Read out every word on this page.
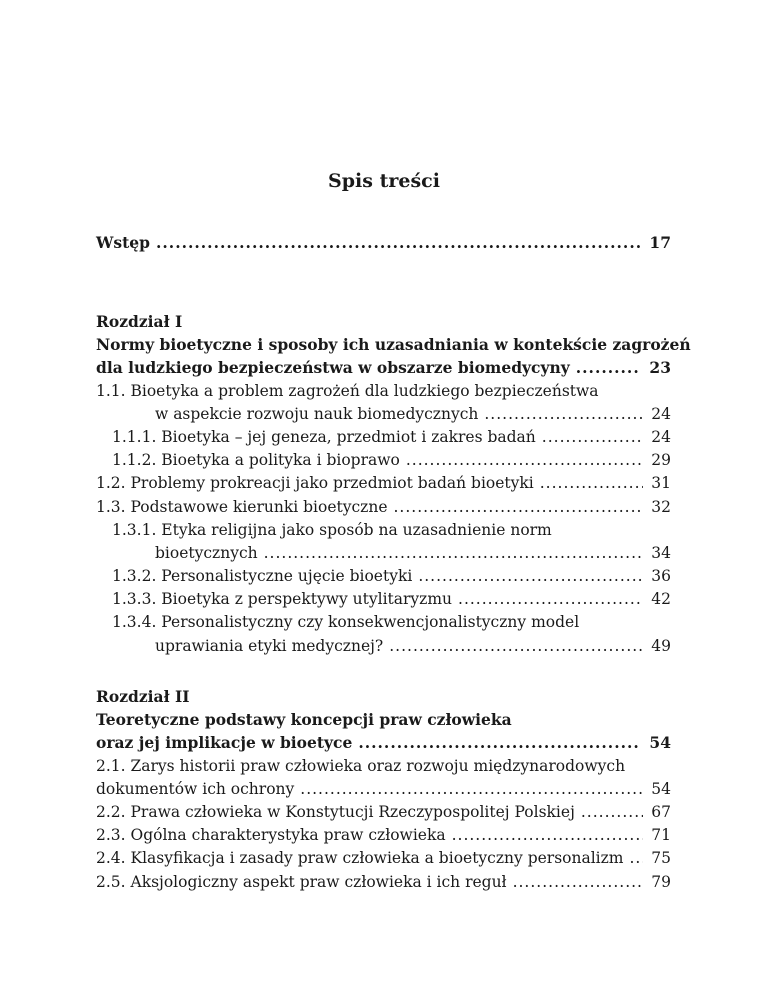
Spis treści
Wstęp .....	17
Rozdział I
Normy bioetyczne i sposoby ich uzasadniania w kontekście zagrożeń
dla ludzkiego bezpieczeństwa w obszarze biomedycyny .....	23
1.1. Bioetyka a problem zagrożeń dla ludzkiego bezpieczeństwa
w aspekcie rozwoju nauk biomedycznych .....	24
1.1.1. Bioetyka – jej geneza, przedmiot i zakres badań .....	24
1.1.2. Bioetyka a polityka i bioprawo .....	29
1.2. Problemy prokreacji jako przedmiot badań bioetyki .....	31
1.3. Podstawowe kierunki bioetyczne .....	32
1.3.1. Etyka religijna jako sposób na uzasadnienie norm
bioetycznych .....	34
1.3.2. Personalistyczne ujęcie bioetyki .....	36
1.3.3. Bioetyka z perspektywy utylitaryzmu .....	42
1.3.4. Personalistyczny czy konsekwencjonalistyczny model
uprawiania etyki medycznej? .....	49
Rozdział II
Teoretyczne podstawy koncepcji praw człowieka
oraz jej implikacje w bioetyce .....	54
2.1. Zarys historii praw człowieka oraz rozwoju międzynarodowych
dokumentów ich ochrony .....	54
2.2. Prawa człowieka w Konstytucji Rzeczypospolitej Polskiej .....	67
2.3. Ogólna charakterystyka praw człowieka .....	71
2.4. Klasyfikacja i zasady praw człowieka a bioetyczny personalizm ..... 75
2.5. Aksjologiczny aspekt praw człowieka i ich reguł .....	79
